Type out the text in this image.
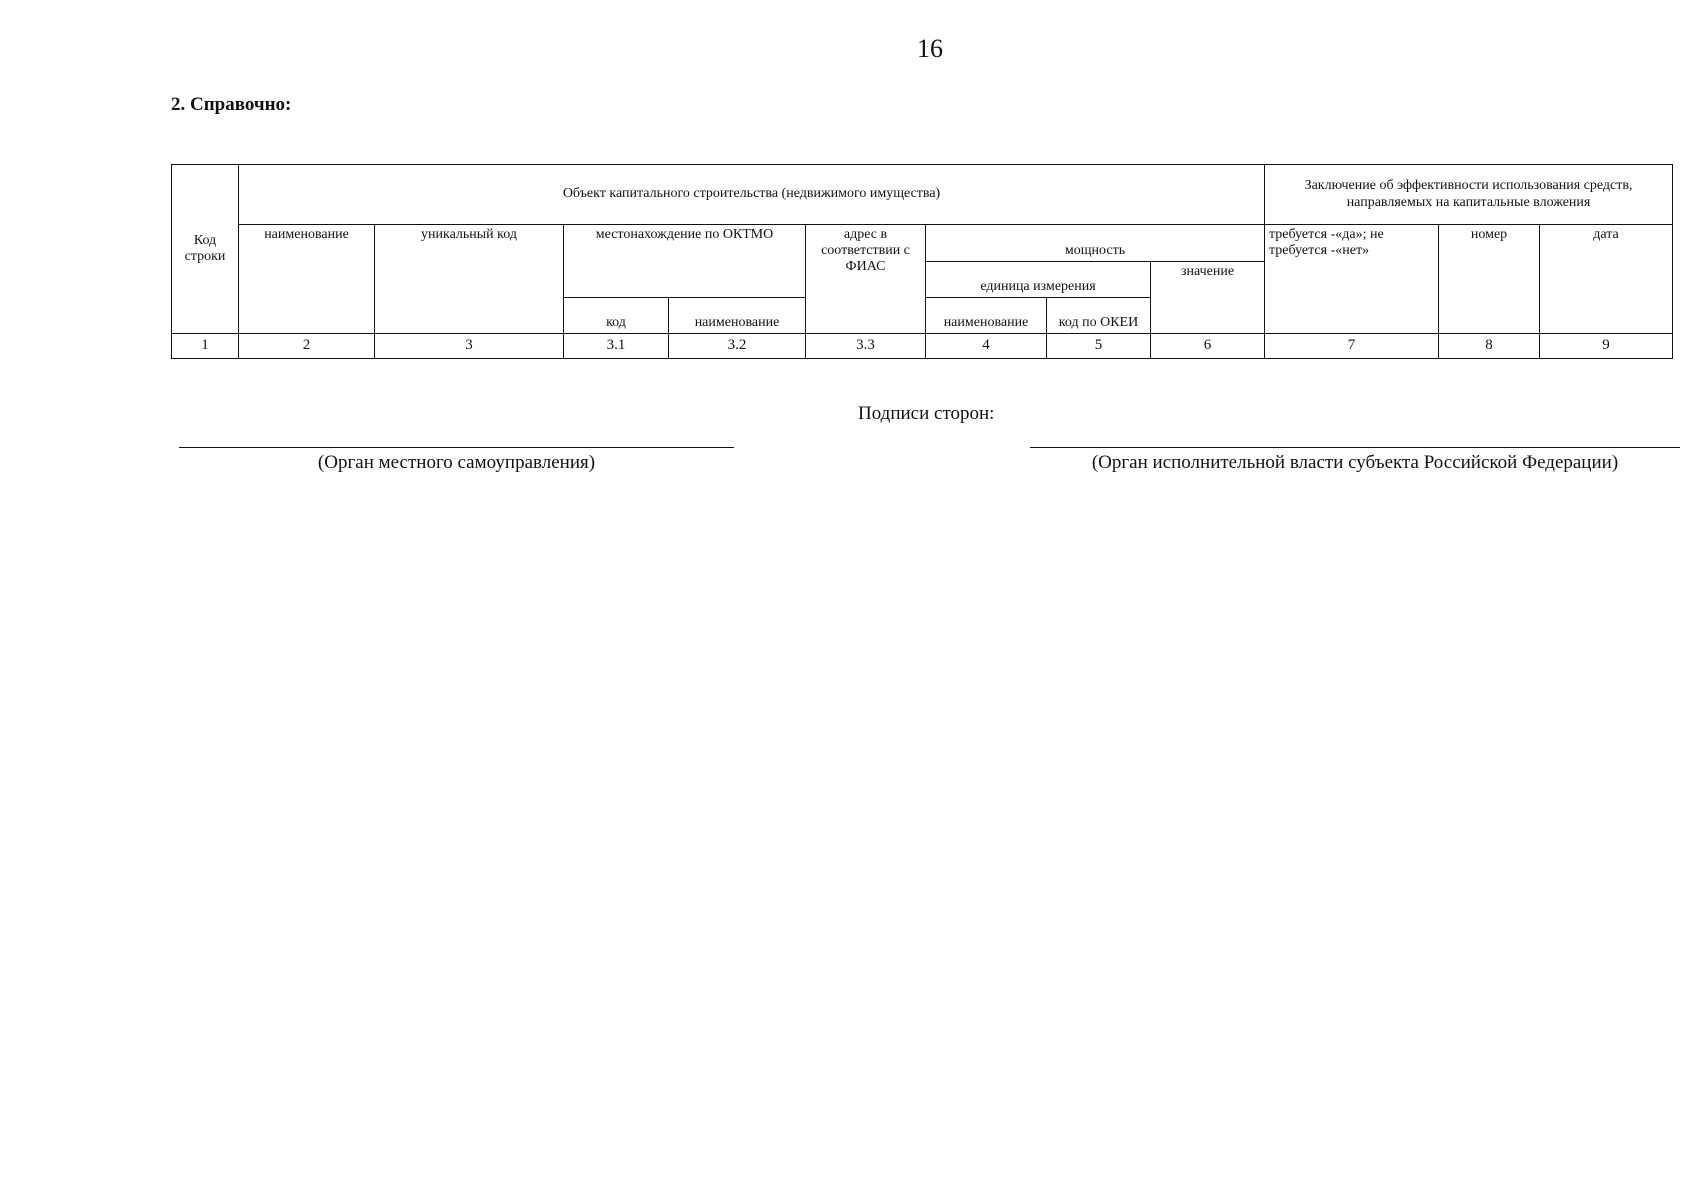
16
2. Справочно:
Код строки	Объект капитального строительства (недвижимого имущества)								Заключение об эффективности использования средств, направляемых на капитальные вложения		
	наименование	уникальный код	местонахождение по ОКТМО		адрес в соответствии с ФИАС	мощность			требуется -«да»; не требуется -«нет»	номер	дата
						единица измерения		значение			
			код	наименование		наименование	код по ОКЕИ				

1	2	3	3.1	3.2	3.3	4	5	6	7	8	9
Подписи сторон:
(Орган местного самоуправления)	(Орган исполнительной власти субъекта Российской Федерации)
